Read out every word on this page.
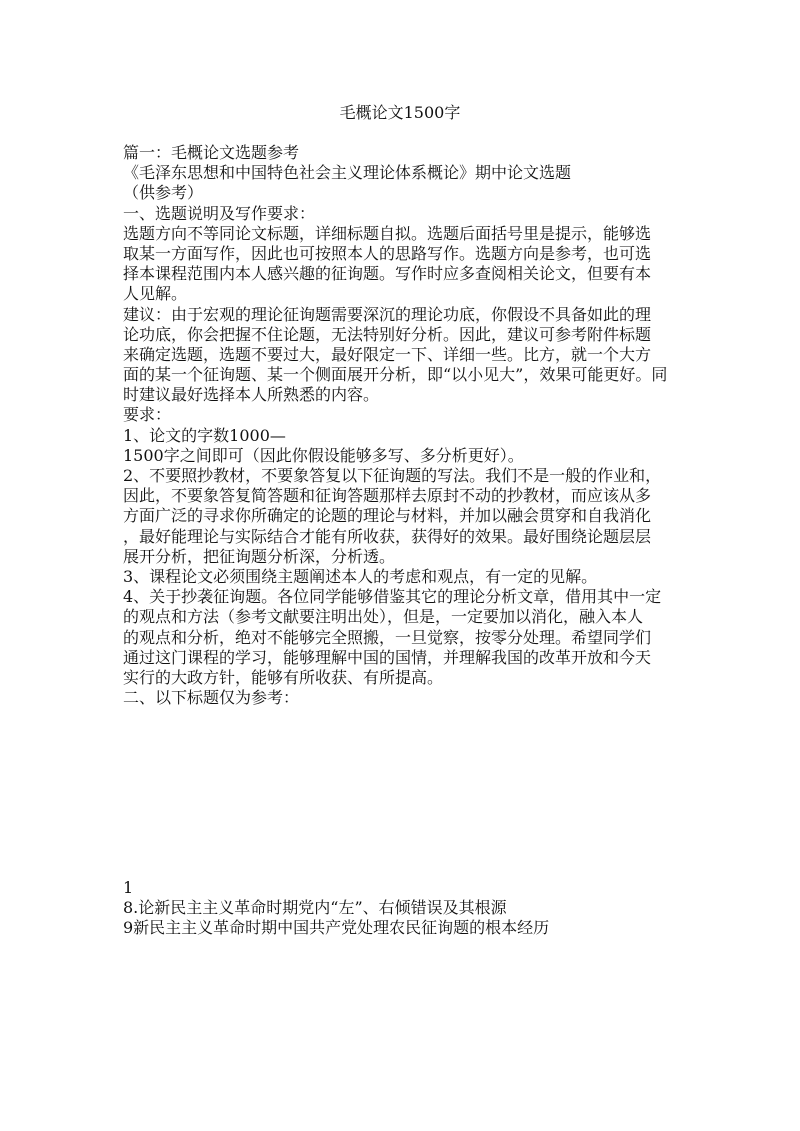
毛概论文1500字
篇一：毛概论文选题参考
《毛泽东思想和中国特色社会主义理论体系概论》期中论文选题
（供参考）
一、选题说明及写作要求：
选题方向不等同论文标题，详细标题自拟。选题后面括号里是提示，能够选
取某一方面写作，因此也可按照本人的思路写作。选题方向是参考，也可选
择本课程范围内本人感兴趣的征询题。写作时应多查阅相关论文，但要有本
人见解。
建议：由于宏观的理论征询题需要深沉的理论功底，你假设不具备如此的理
论功底，你会把握不住论题，无法特别好分析。因此，建议可参考附件标题
来确定选题，选题不要过大，最好限定一下、详细一些。比方，就一个大方
面的某一个征询题、某一个侧面展开分析，即“以小见大”，效果可能更好。同
时建议最好选择本人所熟悉的内容。
要求：
1、论文的字数1000—
1500字之间即可（因此你假设能够多写、多分析更好）。
2、不要照抄教材，不要象答复以下征询题的写法。我们不是一般的作业和，
因此，不要象答复简答题和征询答题那样去原封不动的抄教材，而应该从多
方面广泛的寻求你所确定的论题的理论与材料，并加以融会贯穿和自我消化
，最好能理论与实际结合才能有所收获，获得好的效果。最好围绕论题层层
展开分析，把征询题分析深，分析透。
3、课程论文必须围绕主题阐述本人的考虑和观点，有一定的见解。
4、关于抄袭征询题。各位同学能够借鉴其它的理论分析文章，借用其中一定
的观点和方法（参考文献要注明出处），但是，一定要加以消化，融入本人
的观点和分析，绝对不能够完全照搬，一旦觉察，按零分处理。希望同学们
通过这门课程的学习，能够理解中国的国情，并理解我国的改革开放和今天
实行的大政方针，能够有所收获、有所提高。
二、以下标题仅为参考：
1
8.论新民主主义革命时期党内“左”、右倾错误及其根源
9新民主主义革命时期中国共产党处理农民征询题的根本经历
